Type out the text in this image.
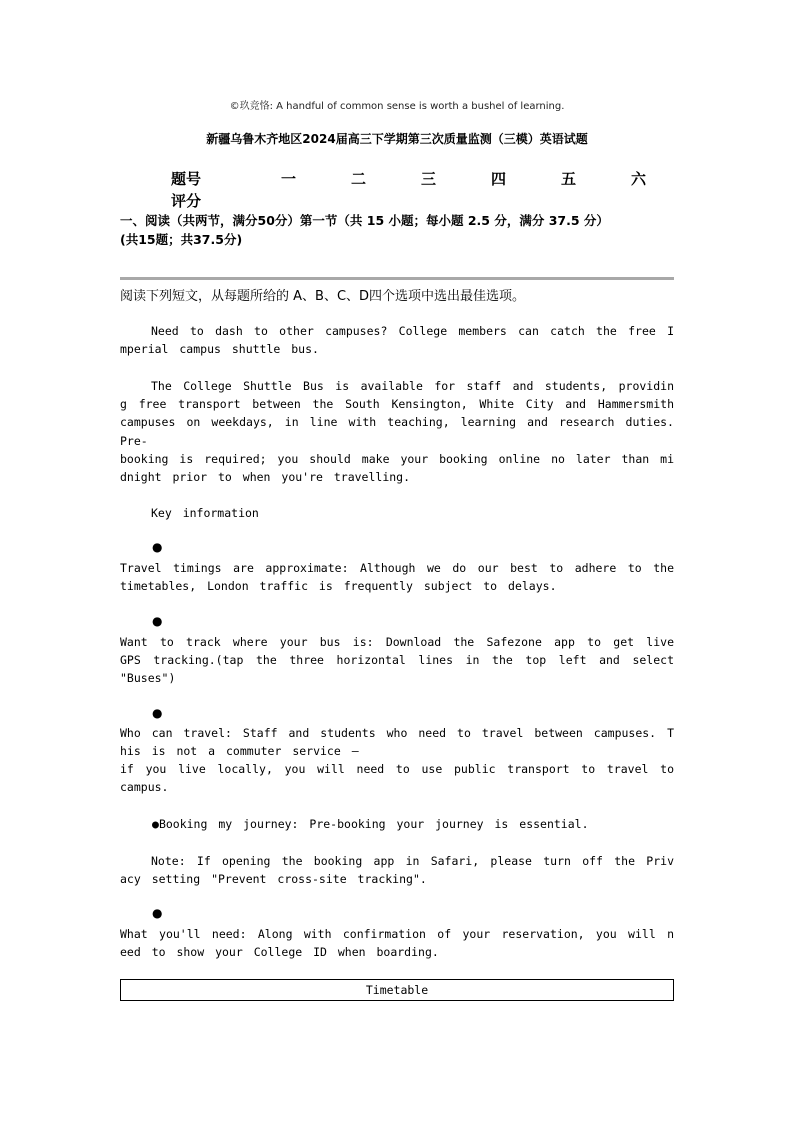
©玖竞恪: A handful of common sense is worth a bushel of learning.
新疆乌鲁木齐地区2024届高三下学期第三次质量监测（三模）英语试题
题号	一	二	三	四	五	六
评分
一、阅读（共两节，满分50分）第一节（共 15 小题；每小题 2.5 分，满分 37.5 分）
(共15题；共37.5分)
阅读下列短文，从每题所给的 A、B、C、D四个选项中选出最佳选项。
Need to dash to other campuses? College members can catch the free Imperial campus shuttle bus.
The College Shuttle Bus is available for staff and students, providing free transport between the South Kensington, White City and Hammersmith campuses on weekdays, in line with teaching, learning and research duties. Pre-
booking is required; you should make your booking online no later than midnight prior to when you're travelling.
Key information
●
Travel timings are approximate: Although we do our best to adhere to the timetables, London traffic is frequently subject to delays.
●
Want to track where your bus is: Download the Safezone app to get live GPS tracking.(tap the three horizontal lines in the top left and select "Buses")
●
Who can travel: Staff and students who need to travel between campuses. This is not a commuter service —
if you live locally, you will need to use public transport to travel to campus.
●Booking my journey: Pre-booking your journey is essential.
Note: If opening the booking app in Safari, please turn off the Privacy setting "Prevent cross-site tracking".
●
What you'll need: Along with confirmation of your reservation, you will need to show your College ID when boarding.
Timetable
